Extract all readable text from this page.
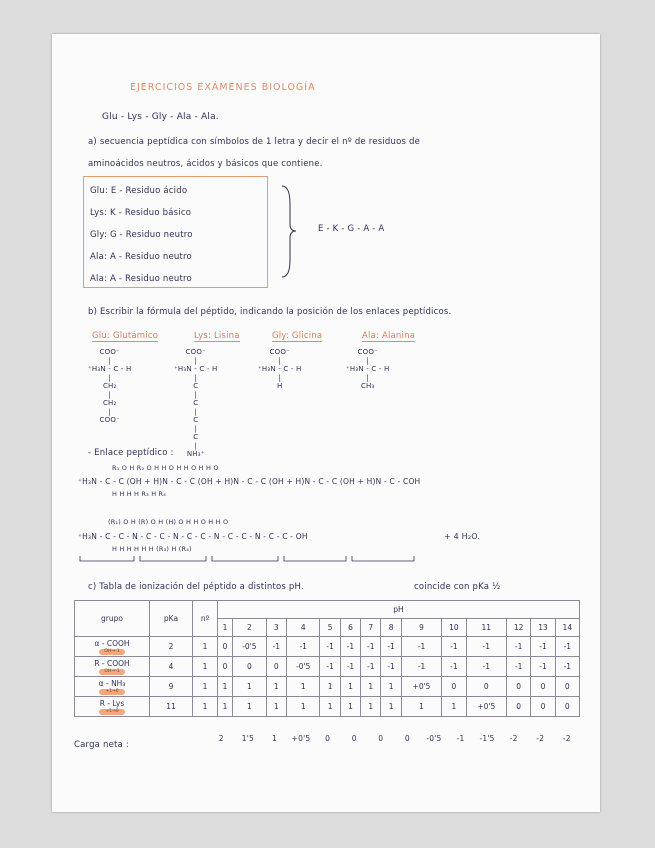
EJERCICIOS EXÁMENES BIOLOGÍA
Glu - Lys - Gly - Ala - Ala.
a) secuencia peptídica con símbolos de 1 letra y decir el nº de residuos de
aminoácidos neutros, ácidos y básicos que contiene.
Glu: E - Residuo ácido
Lys: K - Residuo básico
Gly: G - Residuo neutro
Ala: A - Residuo neutro
Ala: A - Residuo neutro
E - K - G - A - A
b) Escribir la fórmula del péptido, indicando la posición de los enlaces peptídicos.
Glu: Glutámico	Lys: Lisina	Gly: Glicina	Ala: Alanina
COO⁻
|
⁺H₃N - C - H
|
CH₂
|
CH₂
|
COO⁻
COO⁻
|
⁺H₃N - C - H
|
C
|
C
|
C
|
C
|
NH₃⁺
COO⁻
|
⁺H₃N - C - H
|
H
COO⁻
|
⁺H₃N - C - H
|
CH₃
- Enlace peptídico :
R₁ O H R₂ O H H O H H O H H O
⁺H₃N - C - C (OH + H)N - C - C (OH + H)N - C - C (OH + H)N - C - C (OH + H)N - C - COH
H H H H R₃ H R₄
(R₁) O H (R) O H (H) O H H O H H O
⁺H₃N - C - C - N - C - C - N - C - C - N - C - C - N - C - C - OH	+ 4 H₂O.
H H H H H H (R₃) H (R₄)
c) Tabla de ionización del péptido a distintos pH.	coincide con pKa ½
grupo	pKa	nº	pH													
			1	2	3	4	5	6	7	8	9	10	11	12	13	14
α - COOH
OH→-1	2	1	0	-0'5	-1	-1	-1	-1	-1	-1	-1	-1	-1	-1	-1	-1
R - COOH
OH→-1	4	1	0	0	0	-0'5	-1	-1	-1	-1	-1	-1	-1	-1	-1	-1
α - NH₃
+1→0	9	1	1	1	1	1	1	1	1	1	+0'5	0	0	0	0	0
R - Lys
+1→0	11	1	1	1	1	1	1	1	1	1	1	1	+0'5	0	0	0
Carga neta :
2	1'5	1	+0'5	0	0	0	0	-0'5	-1	-1'5	-2	-2	-2
